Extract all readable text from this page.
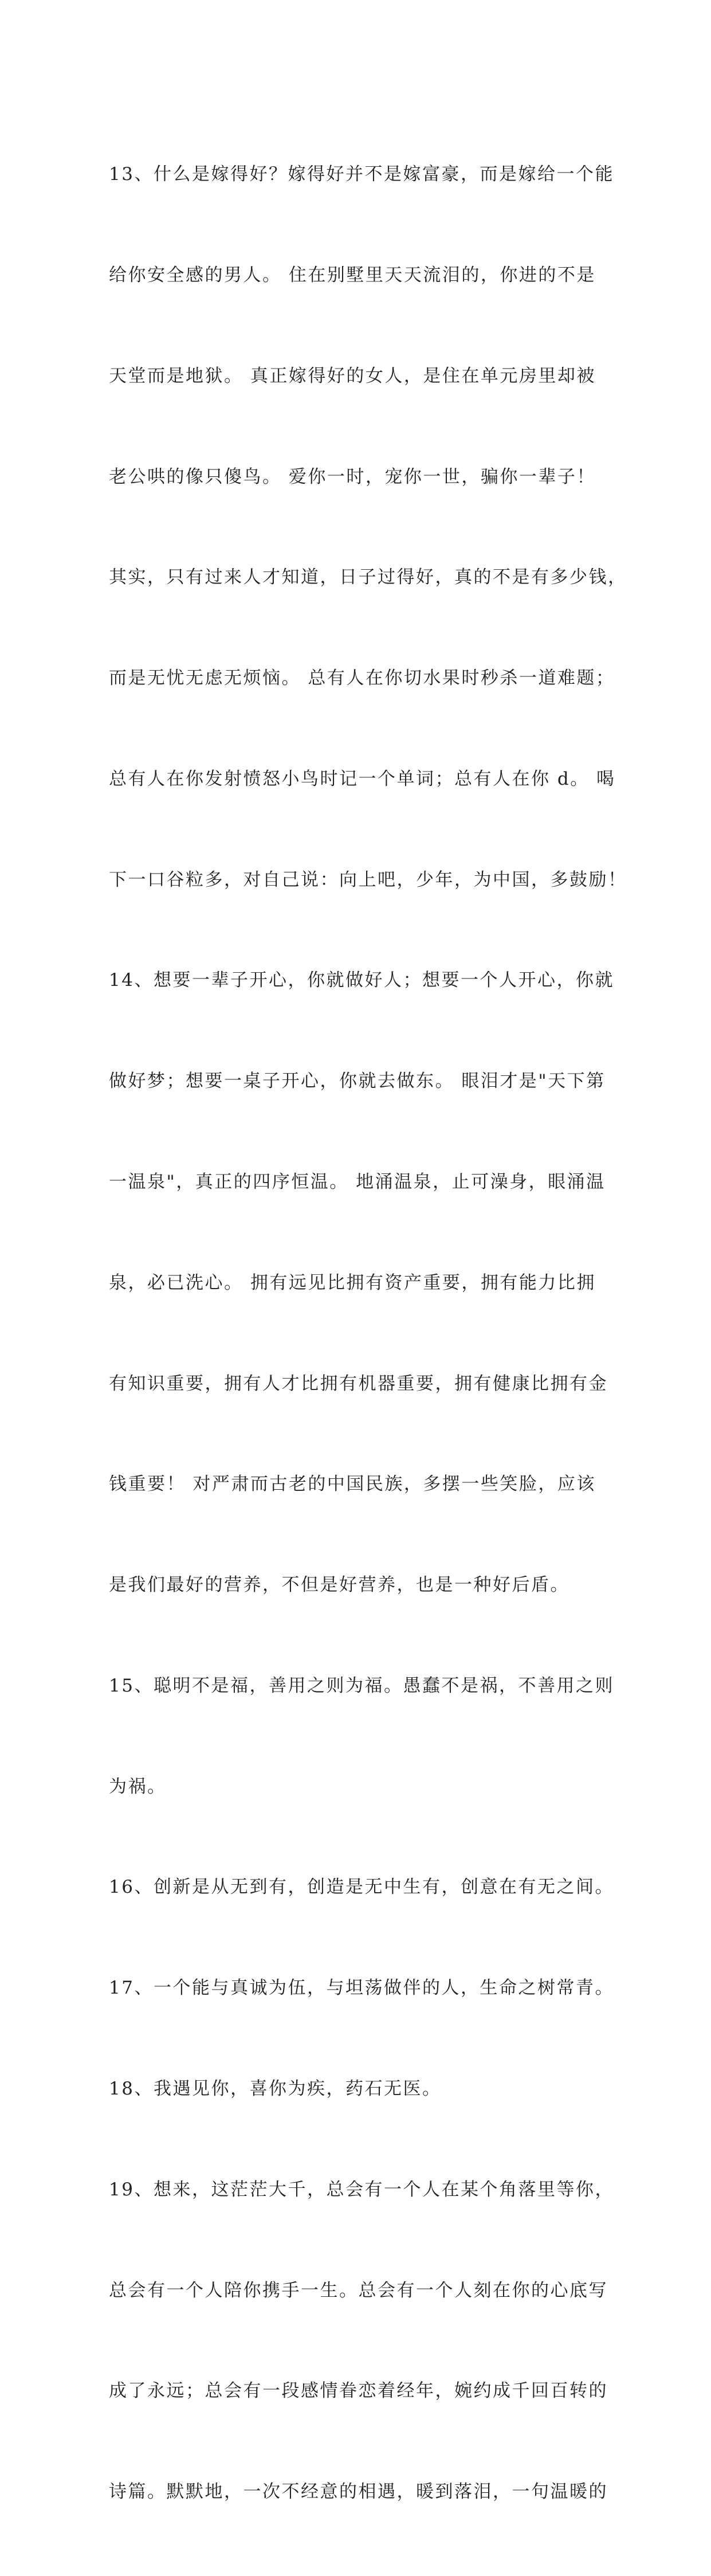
13、什么是嫁得好？嫁得好并不是嫁富豪，而是嫁给一个能

给你安全感的男人。 住在别墅里天天流泪的，你进的不是

天堂而是地狱。 真正嫁得好的女人，是住在单元房里却被

老公哄的像只傻鸟。 爱你一时，宠你一世，骗你一辈子！

其实，只有过来人才知道，日子过得好，真的不是有多少钱，

而是无忧无虑无烦恼。 总有人在你切水果时秒杀一道难题；

总有人在你发射愤怒小鸟时记一个单词；总有人在你 d。 喝

下一口谷粒多，对自己说：向上吧，少年，为中国，多鼓励！

14、想要一辈子开心，你就做好人；想要一个人开心，你就

做好梦；想要一桌子开心，你就去做东。 眼泪才是"天下第

一温泉"，真正的四序恒温。 地涌温泉，止可澡身，眼涌温

泉，必已洗心。 拥有远见比拥有资产重要，拥有能力比拥

有知识重要，拥有人才比拥有机器重要，拥有健康比拥有金

钱重要！ 对严肃而古老的中国民族，多摆一些笑脸，应该

是我们最好的营养，不但是好营养，也是一种好后盾。

15、聪明不是福，善用之则为福。愚蠢不是祸，不善用之则

为祸。

16、创新是从无到有，创造是无中生有，创意在有无之间。

17、一个能与真诚为伍，与坦荡做伴的人，生命之树常青。

18、我遇见你，喜你为疾，药石无医。

19、想来，这茫茫大千，总会有一个人在某个角落里等你，

总会有一个人陪你携手一生。总会有一个人刻在你的心底写

成了永远；总会有一段感情眷恋着经年，婉约成千回百转的

诗篇。默默地，一次不经意的相遇，暖到落泪，一句温暖的
